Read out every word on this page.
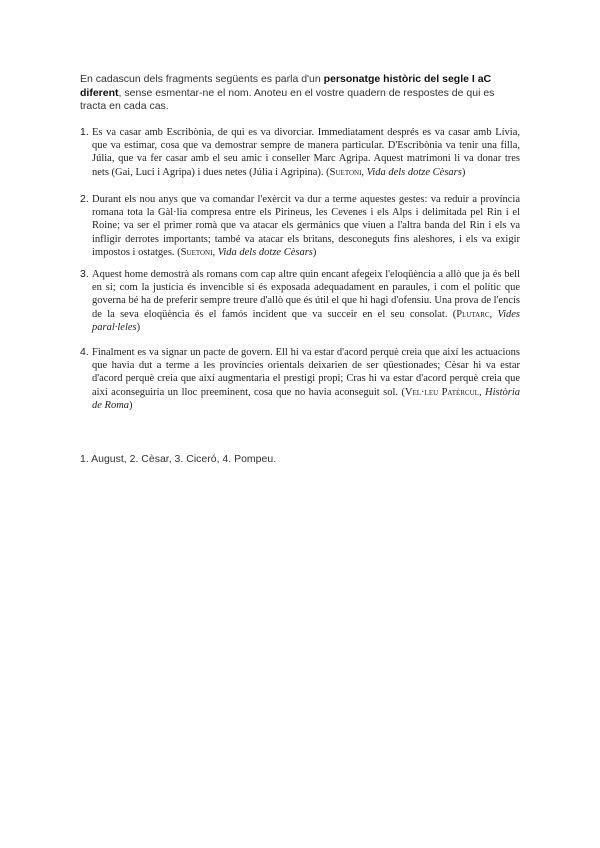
En cadascun dels fragments següents es parla d'un personatge històric del segle I aC diferent, sense esmentar-ne el nom. Anoteu en el vostre quadern de respostes de qui es tracta en cada cas.

1. Es va casar amb Escribònia, de qui es va divorciar. Immediatament després es va casar amb Lívia, que va estimar, cosa que va demostrar sempre de manera particular. D'Escribònia va tenir una filla, Júlia, que va fer casar amb el seu amic i conseller Marc Agripa. Aquest matrimoni li va donar tres nets (Gai, Luci i Agripa) i dues netes (Júlia i Agripina). (Suetoni, Vida dels dotze Cèsars)
2. Durant els nou anys que va comandar l'exèrcit va dur a terme aquestes gestes: va reduir a província romana tota la Gàl·lia compresa entre els Pirineus, les Cevenes i els Alps i delimitada pel Rin i el Roine; va ser el primer romà que va atacar els germànics que viuen a l'altra banda del Rin i els va infligir derrotes importants; també va atacar els britans, desconeguts fins aleshores, i els va exigir impostos i ostatges. (Suetoni, Vida dels dotze Cèsars)
3. Aquest home demostrà als romans com cap altre quin encant afegeix l'eloqüència a allò que ja és bell en si; com la justícia és invencible si és exposada adequadament en paraules, i com el polític que governa bé ha de preferir sempre treure d'allò que és útil el que hi hagi d'ofensiu. Una prova de l'encís de la seva eloqüència és el famós incident que va succeir en el seu consolat. (Plutarc, Vides paral·leles)
4. Finalment es va signar un pacte de govern. Ell hi va estar d'acord perquè creia que així les actuacions que havia dut a terme a les províncies orientals deixarien de ser qüestionades; Cèsar hi va estar d'acord perquè creia que així augmentaria el prestigi propi; Cras hi va estar d'acord perquè creia que així aconseguiria un lloc preeminent, cosa que no havia aconseguit sol. (Vel·leu Patèrcul, Història de Roma)

1. August, 2. Cèsar, 3. Ciceró, 4. Pompeu.
